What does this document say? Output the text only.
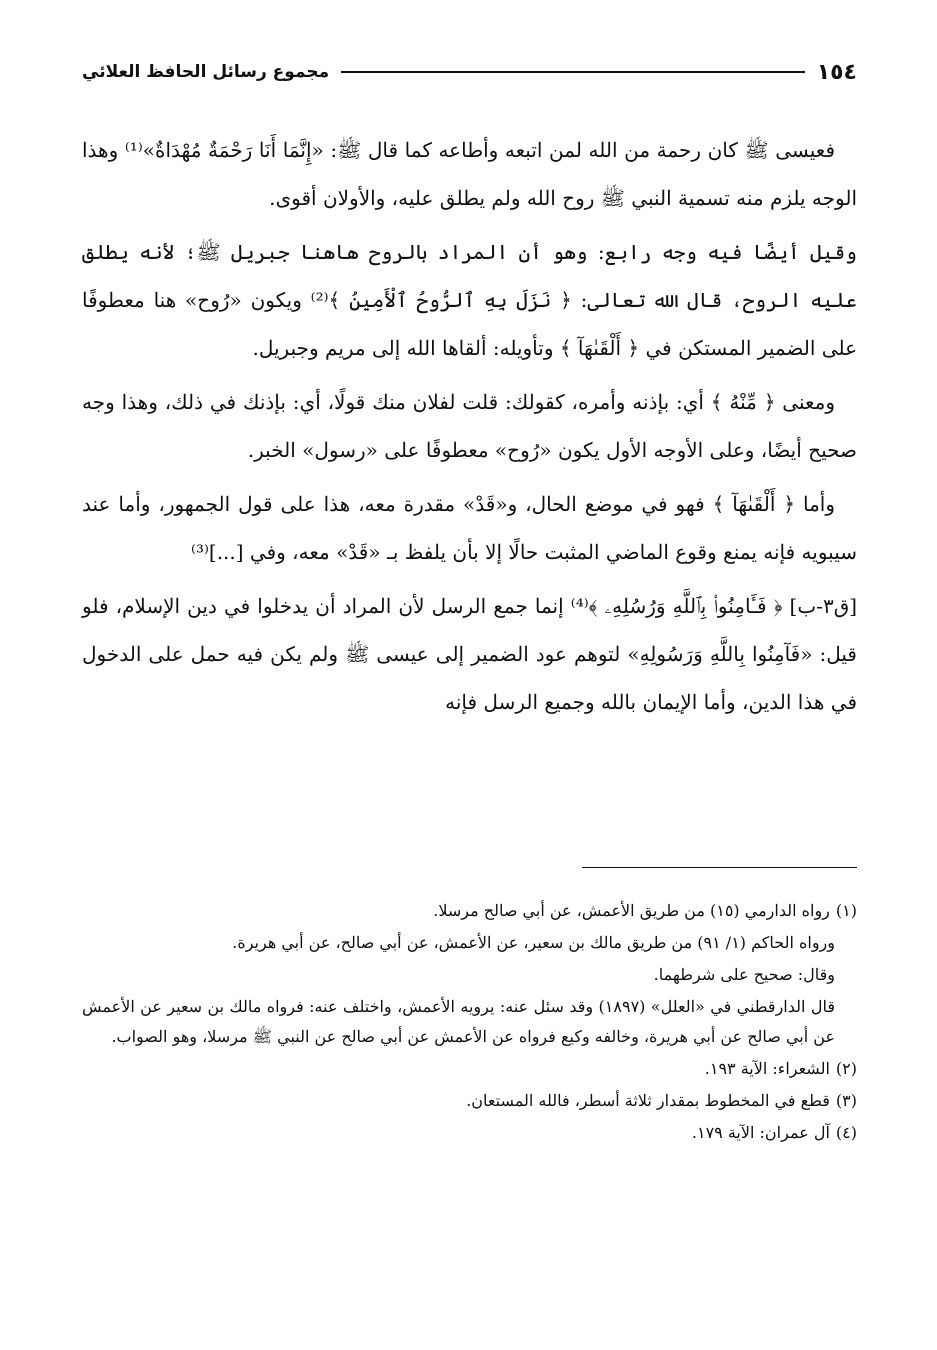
مجموع رسائل الحافظ العلائي	١٥٤

فعيسى ﷺ كان رحمة من الله لمن اتبعه وأطاعه كما قال ﷺ: «إِنَّمَا أَنَا رَحْمَةٌ مُهْدَاةٌ»⁽¹⁾ وهذا الوجه يلزم منه تسمية النبي ﷺ روح الله ولم يطلق عليه، والأولان أقوى.

وقيل أيضًا فيه وجه رابع: وهو أن المراد بالروح هاهنا جبريل ﷺ؛ لأنه يطلق عليه الروح، قال الله تعالى: ﴿ نَزَلَ بِهِ ٱلرُّوحُ ٱلْأَمِينُ ﴾⁽²⁾ ويكون «رُوح» هنا معطوفًا على الضمير المستكن في ﴿ أَلْقَىٰهَآ ﴾ وتأويله: ألقاها الله إلى مريم وجبريل.

ومعنى ﴿ مِّنْهُ ﴾ أي: بإذنه وأمره، كقولك: قلت لفلان منك قولًا، أي: بإذنك في ذلك، وهذا وجه صحيح أيضًا، وعلى الأوجه الأول يكون «رُوح» معطوفًا على «رسول» الخبر.

وأما ﴿ أَلْقَىٰهَآ ﴾ فهو في موضع الحال، و«قَدْ» مقدرة معه، هذا على قول الجمهور، وأما عند سيبويه فإنه يمنع وقوع الماضي المثبت حالًا إلا بأن يلفظ بـ «قَدْ» معه، وفي [...]⁽³⁾

[ق٣-ب] ﴿ فَـَٔامِنُوا۟ بِٱللَّهِ وَرُسُلِهِۦ ﴾⁽⁴⁾ إنما جمع الرسل لأن المراد أن يدخلوا في دين الإسلام، فلو قيل: «فَآمِنُوا بِاللَّهِ وَرَسُولِهِ» لتوهم عود الضمير إلى عيسى ﷺ ولم يكن فيه حمل على الدخول في هذا الدين، وأما الإيمان بالله وجميع الرسل فإنه

(١)رواه الدارمي (١٥) من طريق الأعمش، عن أبي صالح مرسلا.
ورواه الحاكم (١/ ٩١) من طريق مالك بن سعير، عن الأعمش، عن أبي صالح، عن أبي هريرة.
وقال: صحيح على شرطهما.
قال الدارقطني في «العلل» (١٨٩٧) وقد سئل عنه: يرويه الأعمش، واختلف عنه: فرواه مالك بن سعير عن الأعمش عن أبي صالح عن أبي هريرة، وخالفه وكيع فرواه عن الأعمش عن أبي صالح عن النبي ﷺ مرسلا، وهو الصواب.
(٢)الشعراء: الآية ١٩٣.
(٣)قطع في المخطوط بمقدار ثلاثة أسطر، فالله المستعان.
(٤)آل عمران: الآية ١٧٩.
